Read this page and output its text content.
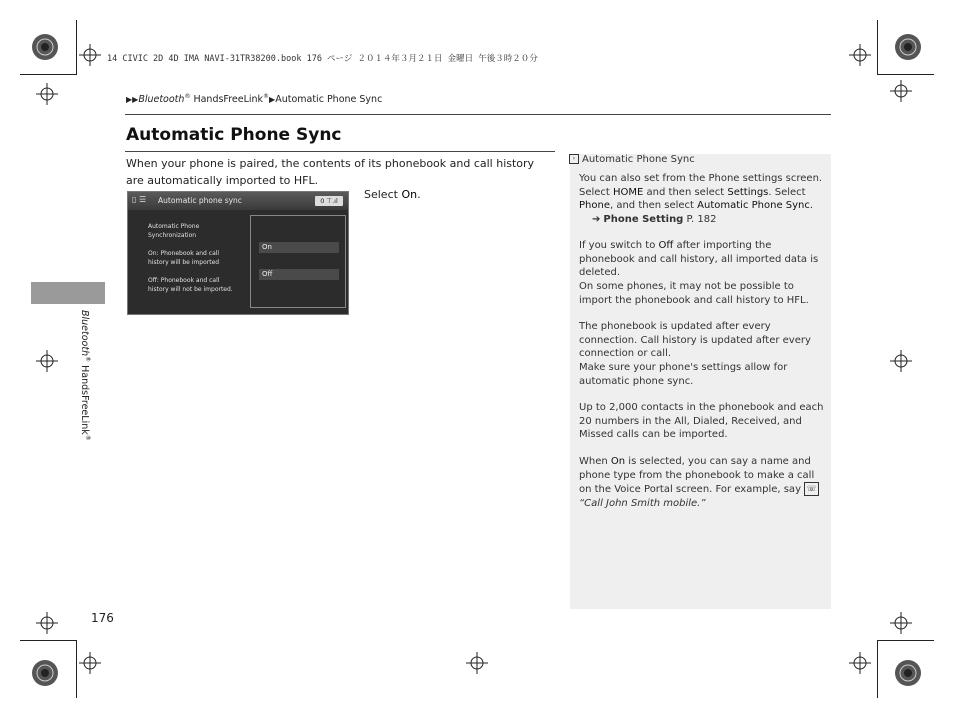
14 CIVIC 2D 4D IMA NAVI-31TR38200.book 176 ページ ２０１４年３月２１日 金曜日 午後３時２０分
▶▶Bluetooth® HandsFreeLink®▶Automatic Phone Sync
Automatic Phone Sync
When your phone is paired, the contents of its phonebook and call history are automatically imported to HFL.
▯ ☰ Automatic phone sync	0 ⊤.ıl
Automatic Phone
Synchronization
On: Phonebook and call
history will be imported
Off: Phonebook and call
history will not be imported.
On
Off
Select On.
› Automatic Phone Sync
You can also set from the Phone settings screen. Select HOME and then select Settings. Select Phone, and then select Automatic Phone Sync.
➔ Phone Setting P. 182
If you switch to Off after importing the phonebook and call history, all imported data is deleted.
On some phones, it may not be possible to import the phonebook and call history to HFL.
The phonebook is updated after every connection. Call history is updated after every connection or call.
Make sure your phone's settings allow for automatic phone sync.
Up to 2,000 contacts in the phonebook and each 20 numbers in the All, Dialed, Received, and Missed calls can be imported.
When On is selected, you can say a name and phone type from the phonebook to make a call on the Voice Portal screen. For example, say ☏ “Call John Smith mobile.”
Bluetooth® HandsFreeLink®
176
